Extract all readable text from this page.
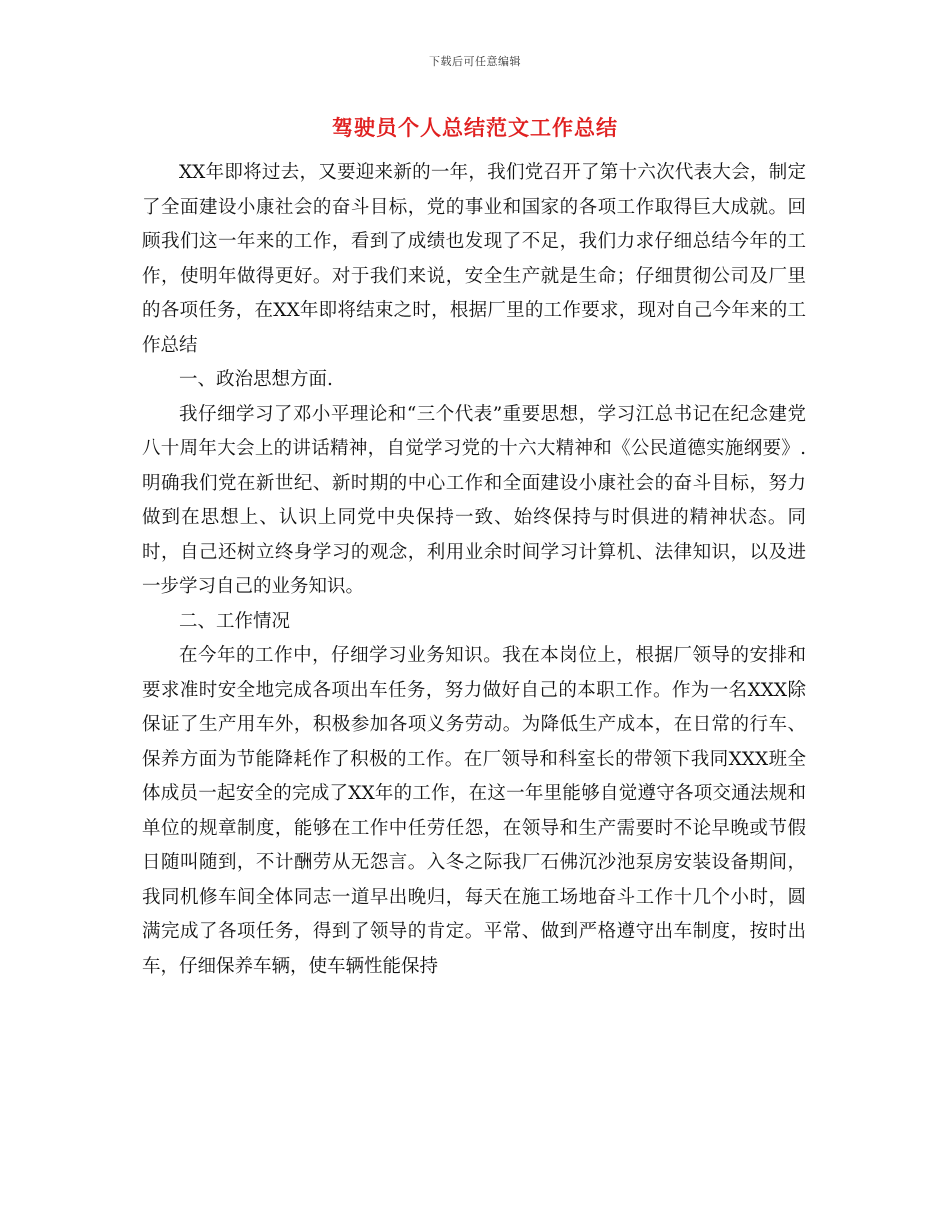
下载后可任意编辑
驾驶员个人总结范文工作总结

XX年即将过去，又要迎来新的一年，我们党召开了第十六次代表大会，制定了全面建设小康社会的奋斗目标，党的事业和国家的各项工作取得巨大成就。回顾我们这一年来的工作，看到了成绩也发现了不足，我们力求仔细总结今年的工作，使明年做得更好。对于我们来说，安全生产就是生命；仔细贯彻公司及厂里的各项任务，在XX年即将结束之时，根据厂里的工作要求，现对自己今年来的工作总结

一、政治思想方面.

我仔细学习了邓小平理论和“三个代表”重要思想，学习江总书记在纪念建党八十周年大会上的讲话精神，自觉学习党的十六大精神和《公民道德实施纲要》.明确我们党在新世纪、新时期的中心工作和全面建设小康社会的奋斗目标，努力做到在思想上、认识上同党中央保持一致、始终保持与时俱进的精神状态。同时，自己还树立终身学习的观念，利用业余时间学习计算机、法律知识，以及进一步学习自己的业务知识。

二、工作情况

在今年的工作中，仔细学习业务知识。我在本岗位上，根据厂领导的安排和要求准时安全地完成各项出车任务，努力做好自己的本职工作。作为一名XXX除保证了生产用车外，积极参加各项义务劳动。为降低生产成本，在日常的行车、保养方面为节能降耗作了积极的工作。在厂领导和科室长的带领下我同XXX班全体成员一起安全的完成了XX年的工作，在这一年里能够自觉遵守各项交通法规和单位的规章制度，能够在工作中任劳任怨，在领导和生产需要时不论早晚或节假日随叫随到，不计酬劳从无怨言。入冬之际我厂石佛沉沙池泵房安装设备期间，我同机修车间全体同志一道早出晚归，每天在施工场地奋斗工作十几个小时，圆满完成了各项任务，得到了领导的肯定。平常、做到严格遵守出车制度，按时出车，仔细保养车辆，使车辆性能保持
